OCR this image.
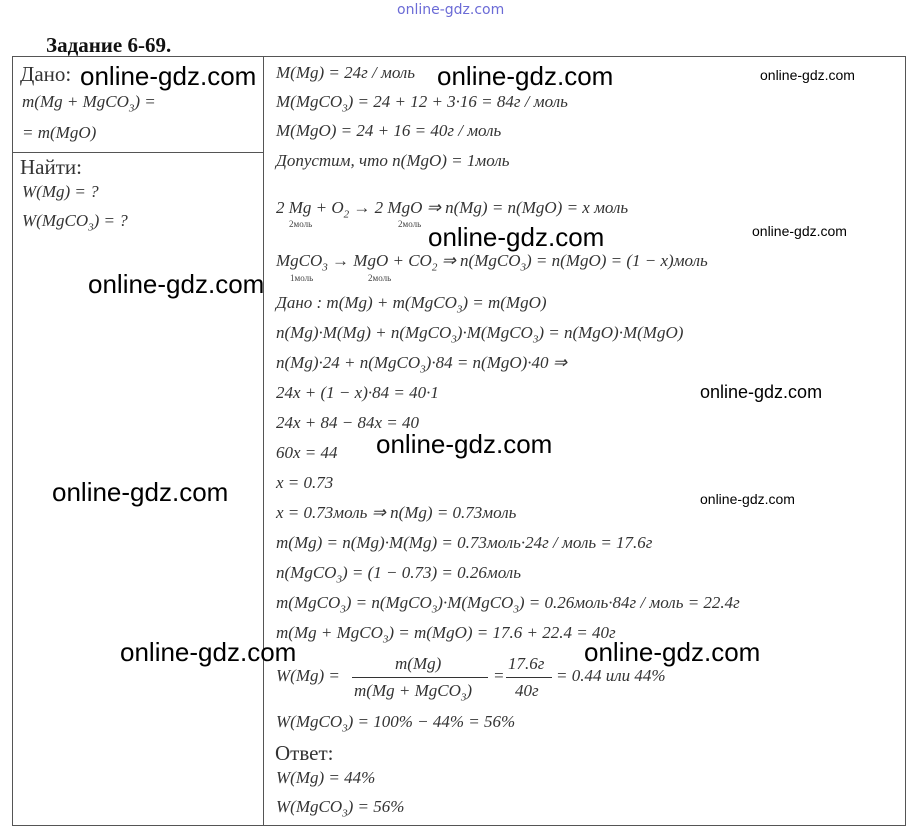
online-gdz.com
Задание 6-69.
Дано:
m(Mg + MgCO$_3$) =
= m(MgO)
Найти:
W(Mg) = ?
W(MgCO$_3$) = ?
M(Mg) = 24г / моль
M(MgCO$_3$) = 24 + 12 + 3·16 = 84г / моль
M(MgO) = 24 + 16 = 40г / моль
Допустим, что n(MgO) = 1моль
2 $Mg + O_2 \to 2$ MgO ⇒ n(Mg) = n(MgO) = x моль
2моль	2моль
MgCO$_3$ → MgO + $CO_2$ ⇒ n(MgCO$_3$) = n(MgO) = (1 − x)моль
1моль	2моль
Дано : m(Mg) + m(MgCO$_3$) = m(MgO)
n(Mg)·M(Mg) + n(MgCO$_3$)·M(MgCO$_3$) = n(MgO)·M(MgO)
n(Mg)·24 + n(MgCO$_3$)·84 = n(MgO)·40 ⇒
24x + (1 − x)·84 = 40·1
24x + 84 − 84x = 40
60x = 44
x = 0.73
x = 0.73моль ⇒ n(Mg) = 0.73моль
m(Mg) = n(Mg)·M(Mg) = 0.73моль·24г / моль = 17.6г
n(MgCO$_3$) = (1 − 0.73) = 0.26моль
m(MgCO$_3$) = n(MgCO$_3$)·M(MgCO$_3$) = 0.26моль·84г / моль = 22.4г
m(Mg + MgCO$_3$) = m(MgO) = 17.6 + 22.4 = 40г
W(Mg) =
m(Mg)
m(Mg + MgCO$_3$)
=
17.6г
40г
= 0.44 или 44%
W(MgCO$_3$) = 100% − 44% = 56%
Ответ:
W(Mg) = 44%
W(MgCO$_3$) = 56%
online-gdz.com	online-gdz.com	online-gdz.com
online-gdz.com	online-gdz.com
online-gdz.com
online-gdz.com
online-gdz.com
online-gdz.com	online-gdz.com
online-gdz.com	online-gdz.com
